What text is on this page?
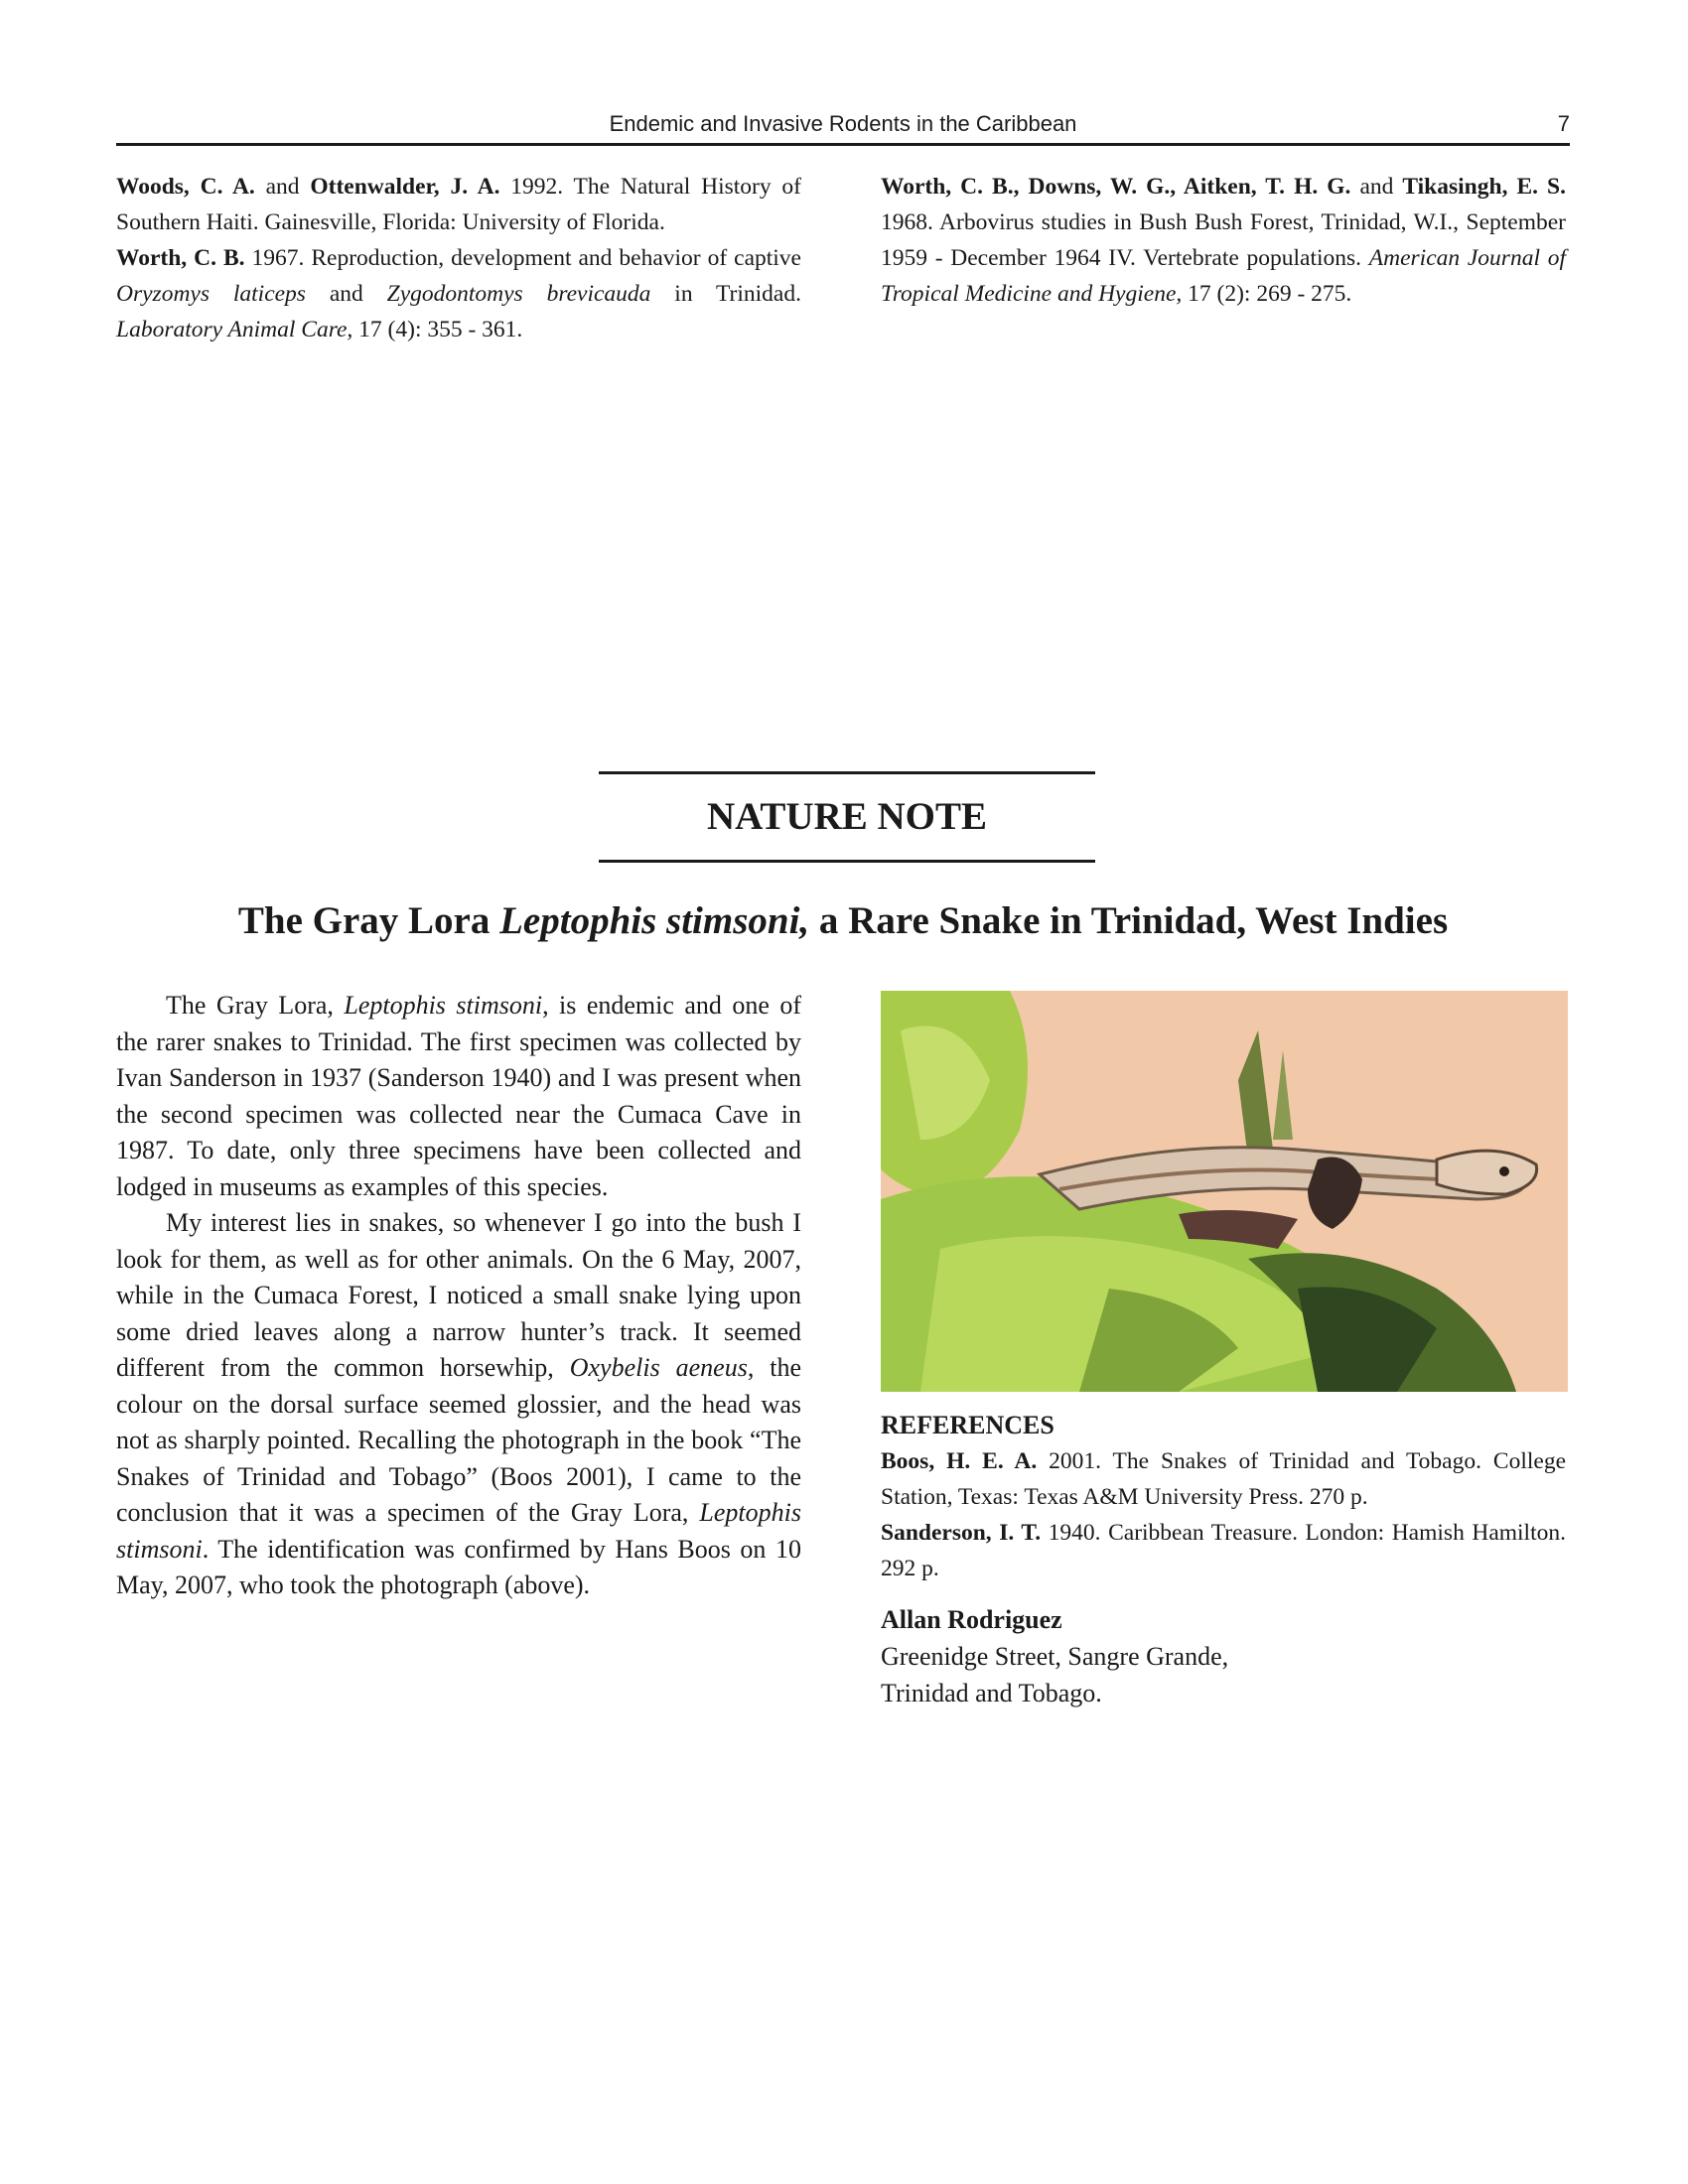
Endemic and Invasive Rodents in the Caribbean	7

Woods, C. A. and Ottenwalder, J. A. 1992. The Natural History of Southern Haiti. Gainesville, Florida: University of Florida.

Worth, C. B. 1967. Reproduction, development and behavior of captive Oryzomys laticeps and Zygodontomys brevicauda in Trinidad. Laboratory Animal Care, 17 (4): 355 - 361.

Worth, C. B., Downs, W. G., Aitken, T. H. G. and Tikasingh, E. S. 1968. Arbovirus studies in Bush Bush Forest, Trinidad, W.I., September 1959 - December 1964 IV. Vertebrate populations. American Journal of Tropical Medicine and Hygiene, 17 (2): 269 - 275.

NATURE NOTE
The Gray Lora Leptophis stimsoni, a Rare Snake in Trinidad, West Indies

The Gray Lora, Leptophis stimsoni, is endemic and one of the rarer snakes to Trinidad. The first specimen was collected by Ivan Sanderson in 1937 (Sanderson 1940) and I was present when the second specimen was collected near the Cumaca Cave in 1987. To date, only three specimens have been collected and lodged in museums as examples of this species.

My interest lies in snakes, so whenever I go into the bush I look for them, as well as for other animals. On the 6 May, 2007, while in the Cumaca Forest, I noticed a small snake lying upon some dried leaves along a narrow hunter’s track. It seemed different from the common horsewhip, Oxybelis aeneus, the colour on the dorsal surface seemed glossier, and the head was not as sharply pointed. Recalling the photograph in the book “The Snakes of Trinidad and Tobago” (Boos 2001), I came to the conclusion that it was a specimen of the Gray Lora, Leptophis stimsoni. The identification was confirmed by Hans Boos on 10 May, 2007, who took the photograph (above).

REFERENCES

Boos, H. E. A. 2001. The Snakes of Trinidad and Tobago. College Station, Texas: Texas A&M University Press. 270 p.

Sanderson, I. T. 1940. Caribbean Treasure. London: Hamish Hamilton. 292 p.

Allan Rodriguez

Greenidge Street, Sangre Grande,

Trinidad and Tobago.
